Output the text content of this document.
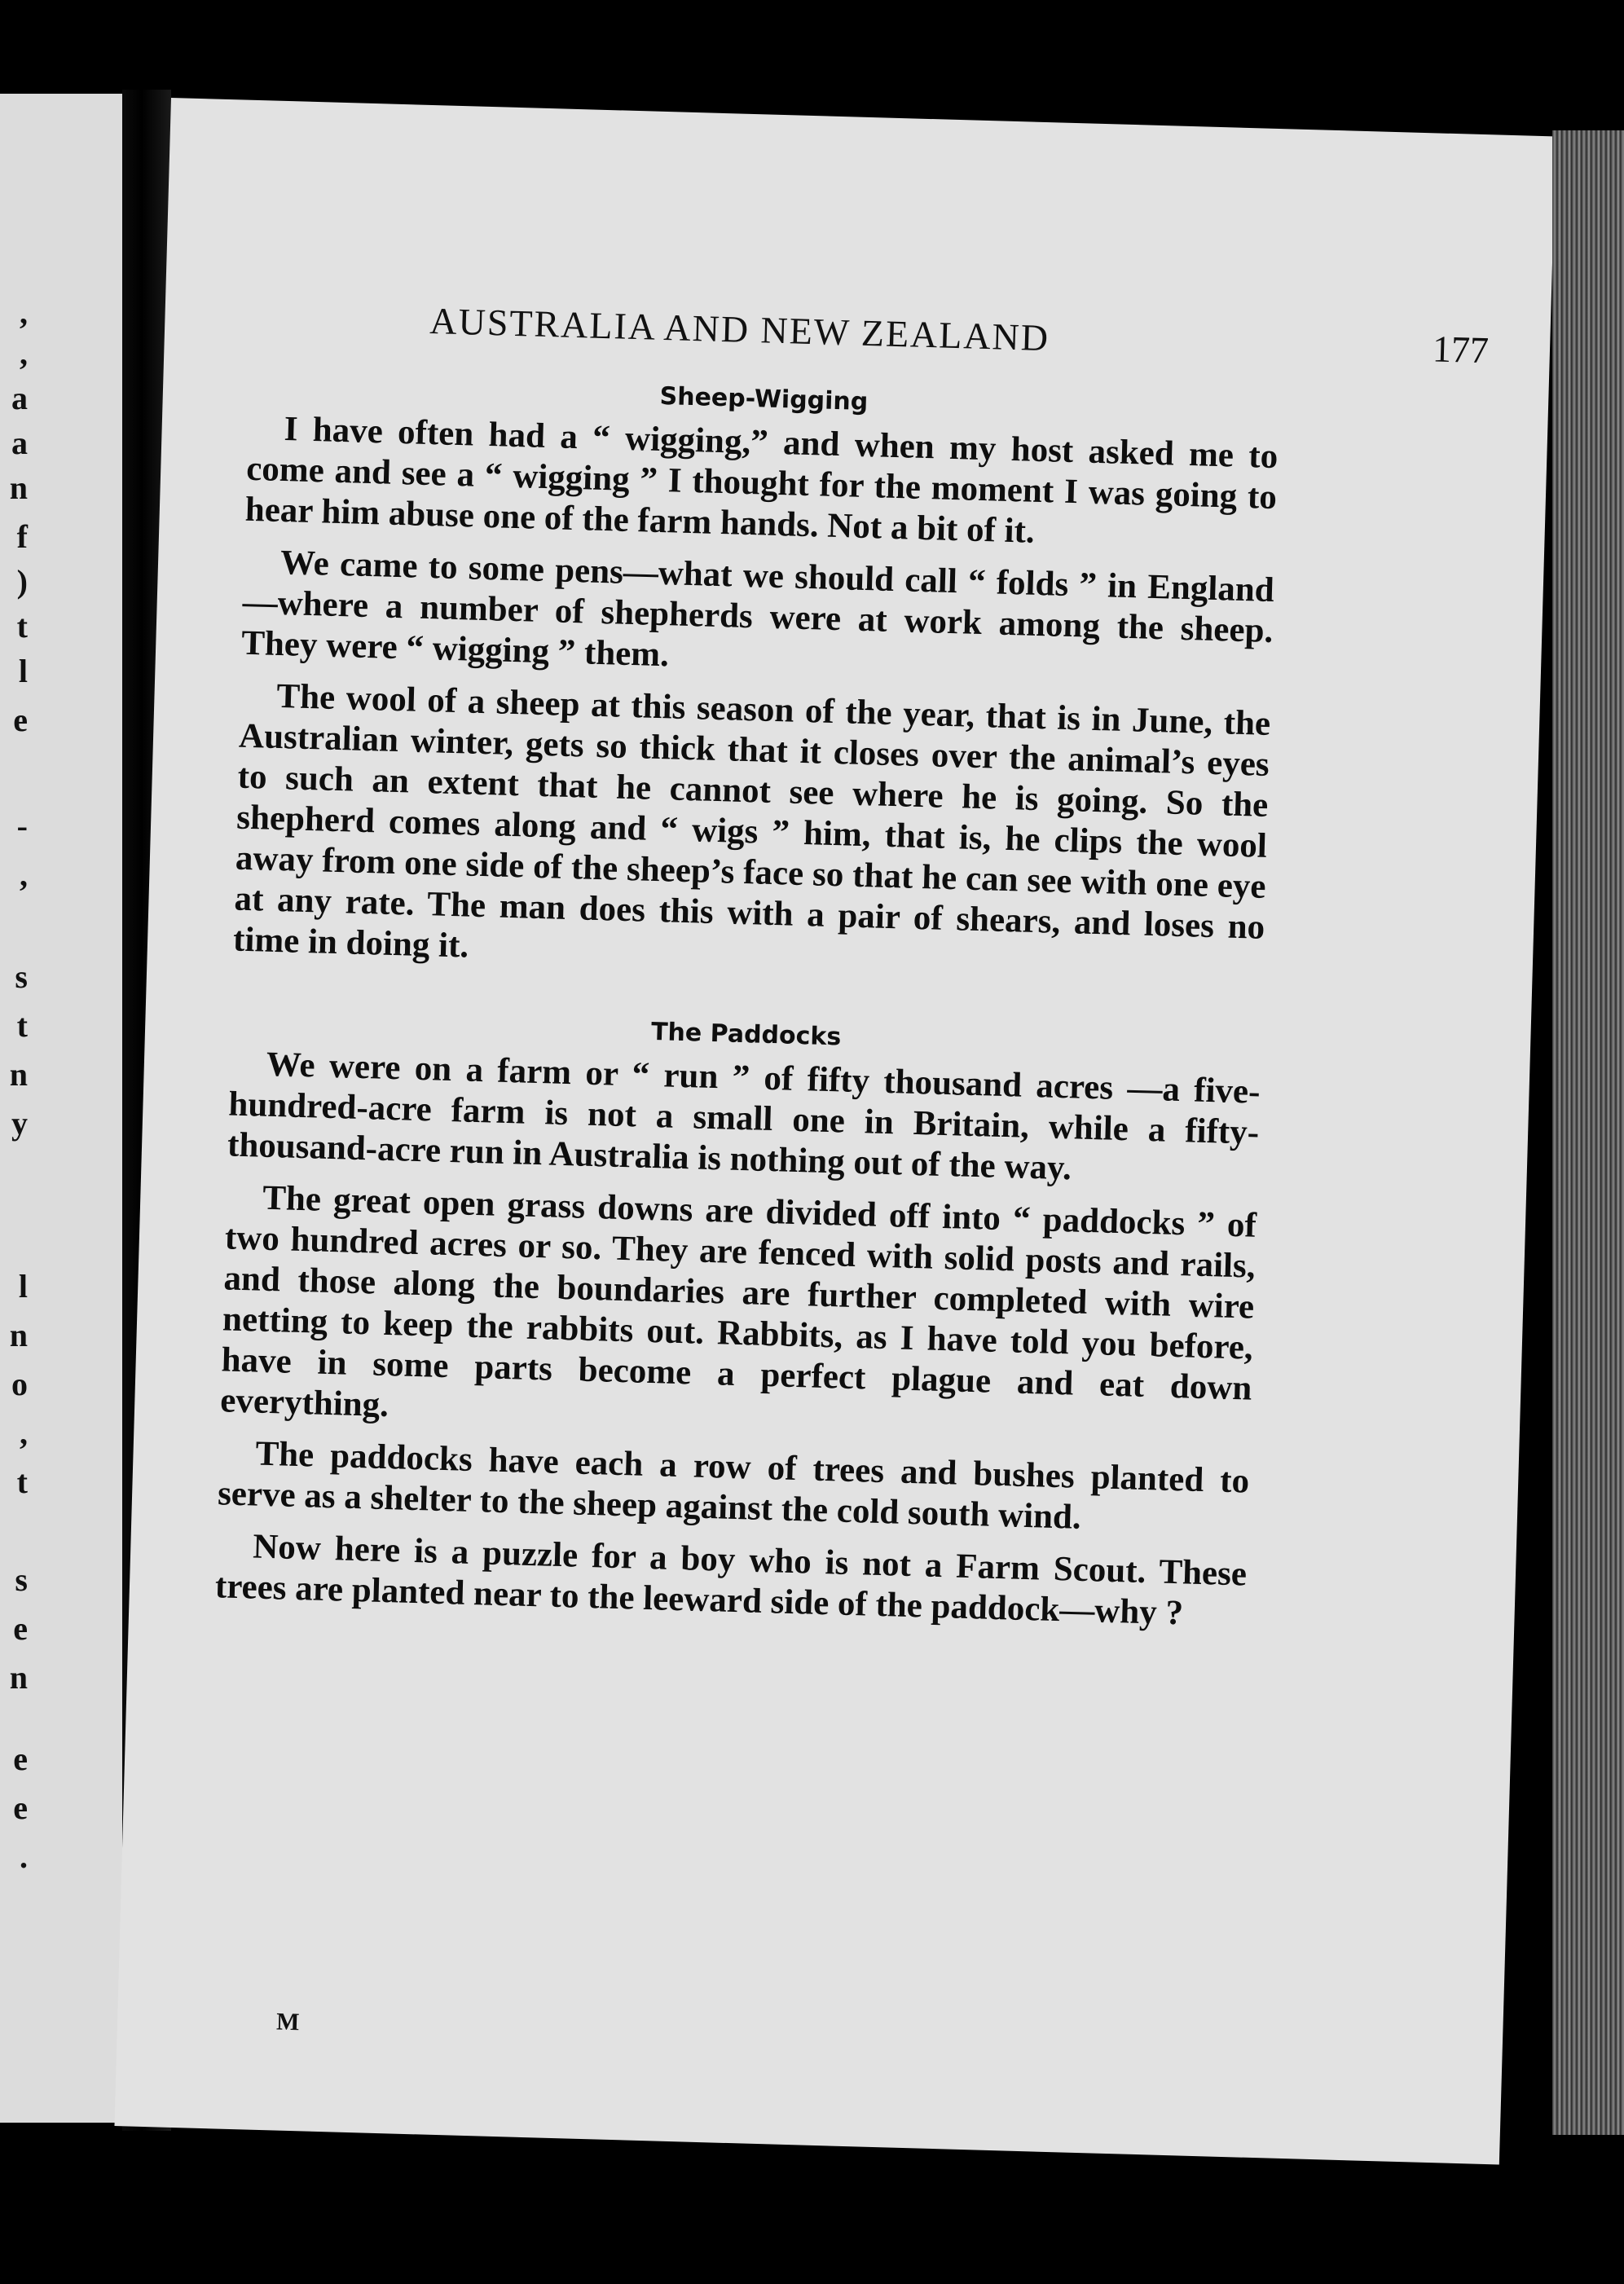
,
,
a
a
n
f
)
t
l
e
-
,
s
t
n
y
l
n
o
,
t
s
e
n
e
e
.
AUSTRALIA AND NEW ZEALAND	177
Sheep-Wigging

I have often had a “ wigging,” and when my host asked me to come and see a “ wigging ” I thought for the moment I was going to hear him abuse one of the farm hands. Not a bit of it.

We came to some pens—what we should call “ folds ” in England—where a number of shepherds were at work among the sheep. They were “ wigging ” them.

The wool of a sheep at this season of the year, that is in June, the Australian winter, gets so thick that it closes over the animal’s eyes to such an extent that he cannot see where he is going. So the shepherd comes along and “ wigs ” him, that is, he clips the wool away from one side of the sheep’s face so that he can see with one eye at any rate. The man does this with a pair of shears, and loses no time in doing it.

The Paddocks

We were on a farm or “ run ” of fifty thousand acres —a five-hundred-acre farm is not a small one in Britain, while a fifty-thousand-acre run in Australia is nothing out of the way.

The great open grass downs are divided off into “ paddocks ” of two hundred acres or so. They are fenced with solid posts and rails, and those along the boundaries are further completed with wire netting to keep the rabbits out. Rabbits, as I have told you before, have in some parts become a perfect plague and eat down everything.

The paddocks have each a row of trees and bushes planted to serve as a shelter to the sheep against the cold south wind.

Now here is a puzzle for a boy who is not a Farm Scout. These trees are planted near to the leeward side of the paddock—why ?

M
